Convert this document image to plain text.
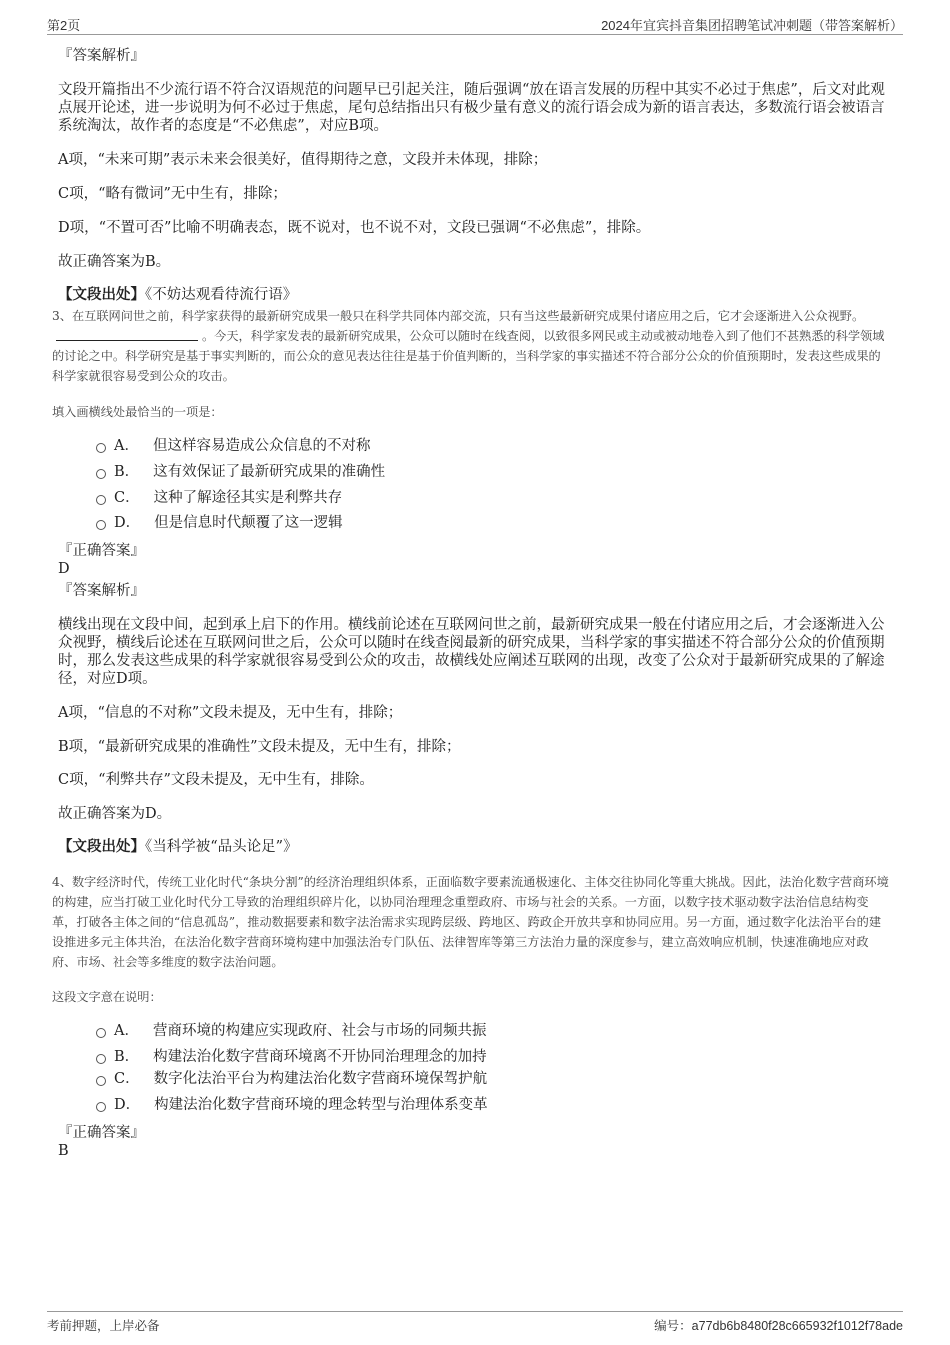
第2页	2024年宜宾抖音集团招聘笔试冲刺题（带答案解析）
『答案解析』
文段开篇指出不少流行语不符合汉语规范的问题早已引起关注，随后强调“放在语言发展的历程中其实不必过于焦虑”，后文对此观点展开论述，进一步说明为何不必过于焦虑，尾句总结指出只有极少量有意义的流行语会成为新的语言表达，多数流行语会被语言系统淘汰，故作者的态度是“不必焦虑”，对应B项。
A项，“未来可期”表示未来会很美好，值得期待之意，文段并未体现，排除；
C项，“略有微词”无中生有，排除；
D项，“不置可否”比喻不明确表态，既不说对，也不说不对，文段已强调“不必焦虑”，排除。
故正确答案为B。
【文段出处】《不妨达观看待流行语》
3、在互联网问世之前，科学家获得的最新研究成果一般只在科学共同体内部交流，只有当这些最新研究成果付诸应用之后，它才会逐渐进入公众视野。。今天，科学家发表的最新研究成果，公众可以随时在线查阅，以致很多网民或主动或被动地卷入到了他们不甚熟悉的科学领域的讨论之中。科学研究是基于事实判断的，而公众的意见表达往往是基于价值判断的，当科学家的事实描述不符合部分公众的价值预期时，发表这些成果的科学家就很容易受到公众的攻击。
填入画横线处最恰当的一项是：
A． 但这样容易造成公众信息的不对称
B． 这有效保证了最新研究成果的准确性
C． 这种了解途径其实是利弊共存
D． 但是信息时代颠覆了这一逻辑
『正确答案』
D
『答案解析』
横线出现在文段中间，起到承上启下的作用。横线前论述在互联网问世之前，最新研究成果一般在付诸应用之后，才会逐渐进入公众视野，横线后论述在互联网问世之后，公众可以随时在线查阅最新的研究成果，当科学家的事实描述不符合部分公众的价值预期时，那么发表这些成果的科学家就很容易受到公众的攻击，故横线处应阐述互联网的出现，改变了公众对于最新研究成果的了解途径，对应D项。
A项，“信息的不对称”文段未提及，无中生有，排除；
B项，“最新研究成果的准确性”文段未提及，无中生有，排除；
C项，“利弊共存”文段未提及，无中生有，排除。
故正确答案为D。
【文段出处】《当科学被“品头论足”》
4、数字经济时代，传统工业化时代“条块分割”的经济治理组织体系，正面临数字要素流通极速化、主体交往协同化等重大挑战。因此，法治化数字营商环境的构建，应当打破工业化时代分工导致的治理组织碎片化，以协同治理理念重塑政府、市场与社会的关系。一方面，以数字技术驱动数字法治信息结构变革，打破各主体之间的“信息孤岛”，推动数据要素和数字法治需求实现跨层级、跨地区、跨政企开放共享和协同应用。另一方面，通过数字化法治平台的建设推进多元主体共治，在法治化数字营商环境构建中加强法治专门队伍、法律智库等第三方法治力量的深度参与，建立高效响应机制，快速准确地应对政府、市场、社会等多维度的数字法治问题。
这段文字意在说明：
A． 营商环境的构建应实现政府、社会与市场的同频共振
B． 构建法治化数字营商环境离不开协同治理理念的加持
C． 数字化法治平台为构建法治化数字营商环境保驾护航
D． 构建法治化数字营商环境的理念转型与治理体系变革
『正确答案』
B
考前押题，上岸必备	编号：a77db6b8480f28c665932f1012f78ade
